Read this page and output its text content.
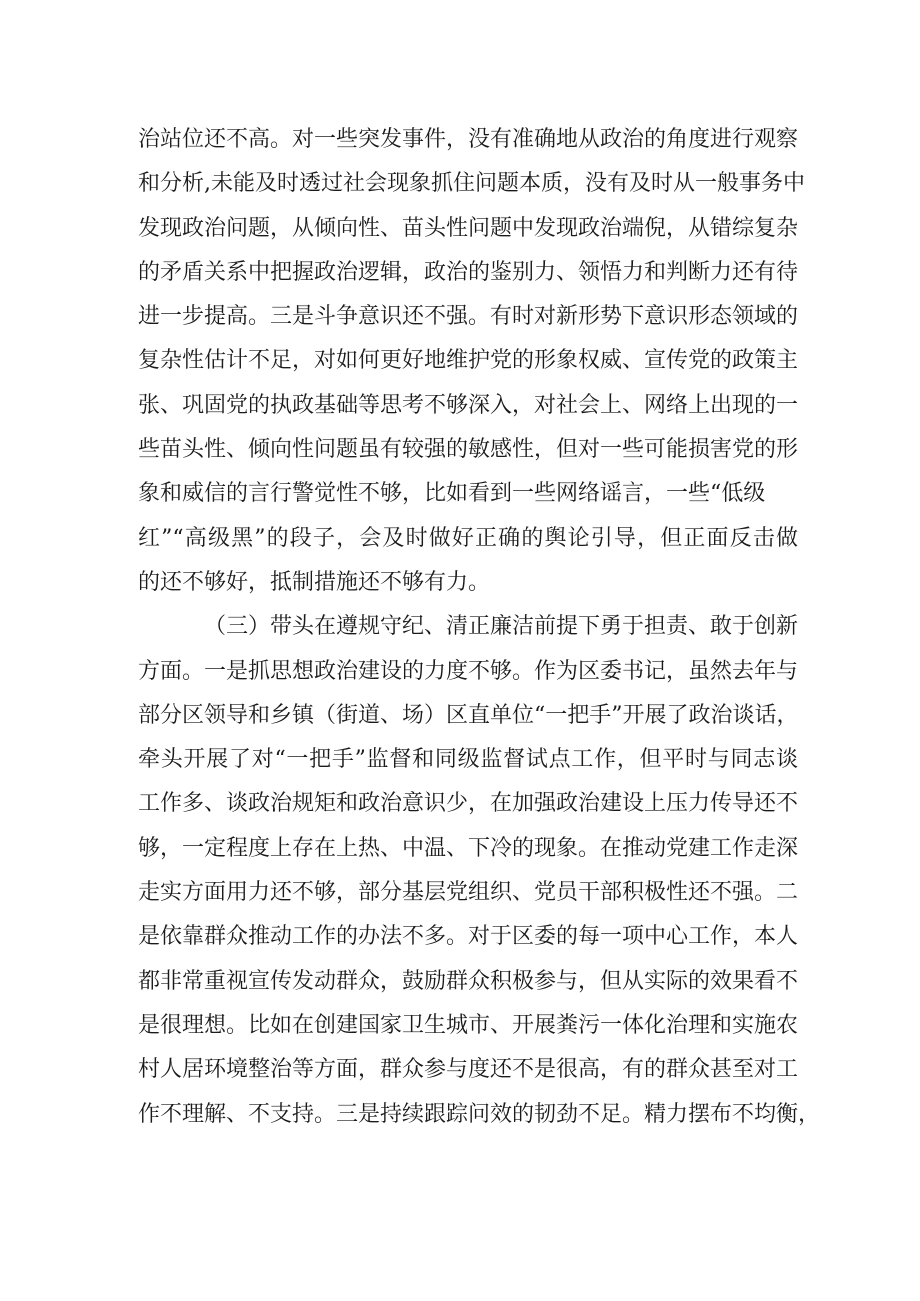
治站位还不高。对一些突发事件，没有准确地从政治的角度进行观察
和分析,未能及时透过社会现象抓住问题本质，没有及时从一般事务中
发现政治问题，从倾向性、苗头性问题中发现政治端倪，从错综复杂
的矛盾关系中把握政治逻辑，政治的鉴别力、领悟力和判断力还有待
进一步提高。三是斗争意识还不强。有时对新形势下意识形态领域的
复杂性估计不足，对如何更好地维护党的形象权威、宣传党的政策主
张、巩固党的执政基础等思考不够深入，对社会上、网络上出现的一
些苗头性、倾向性问题虽有较强的敏感性，但对一些可能损害党的形
象和威信的言行警觉性不够，比如看到一些网络谣言，一些“低级
红”“高级黑”的段子，会及时做好正确的舆论引导，但正面反击做
的还不够好，抵制措施还不够有力。
（三）带头在遵规守纪、清正廉洁前提下勇于担责、敢于创新
方面。一是抓思想政治建设的力度不够。作为区委书记，虽然去年与
部分区领导和乡镇（街道、场）区直单位“一把手”开展了政治谈话，
牵头开展了对“一把手”监督和同级监督试点工作，但平时与同志谈
工作多、谈政治规矩和政治意识少，在加强政治建设上压力传导还不
够，一定程度上存在上热、中温、下冷的现象。在推动党建工作走深
走实方面用力还不够，部分基层党组织、党员干部积极性还不强。二
是依靠群众推动工作的办法不多。对于区委的每一项中心工作，本人
都非常重视宣传发动群众，鼓励群众积极参与，但从实际的效果看不
是很理想。比如在创建国家卫生城市、开展粪污一体化治理和实施农
村人居环境整治等方面，群众参与度还不是很高，有的群众甚至对工
作不理解、不支持。三是持续跟踪问效的韧劲不足。精力摆布不均衡，
